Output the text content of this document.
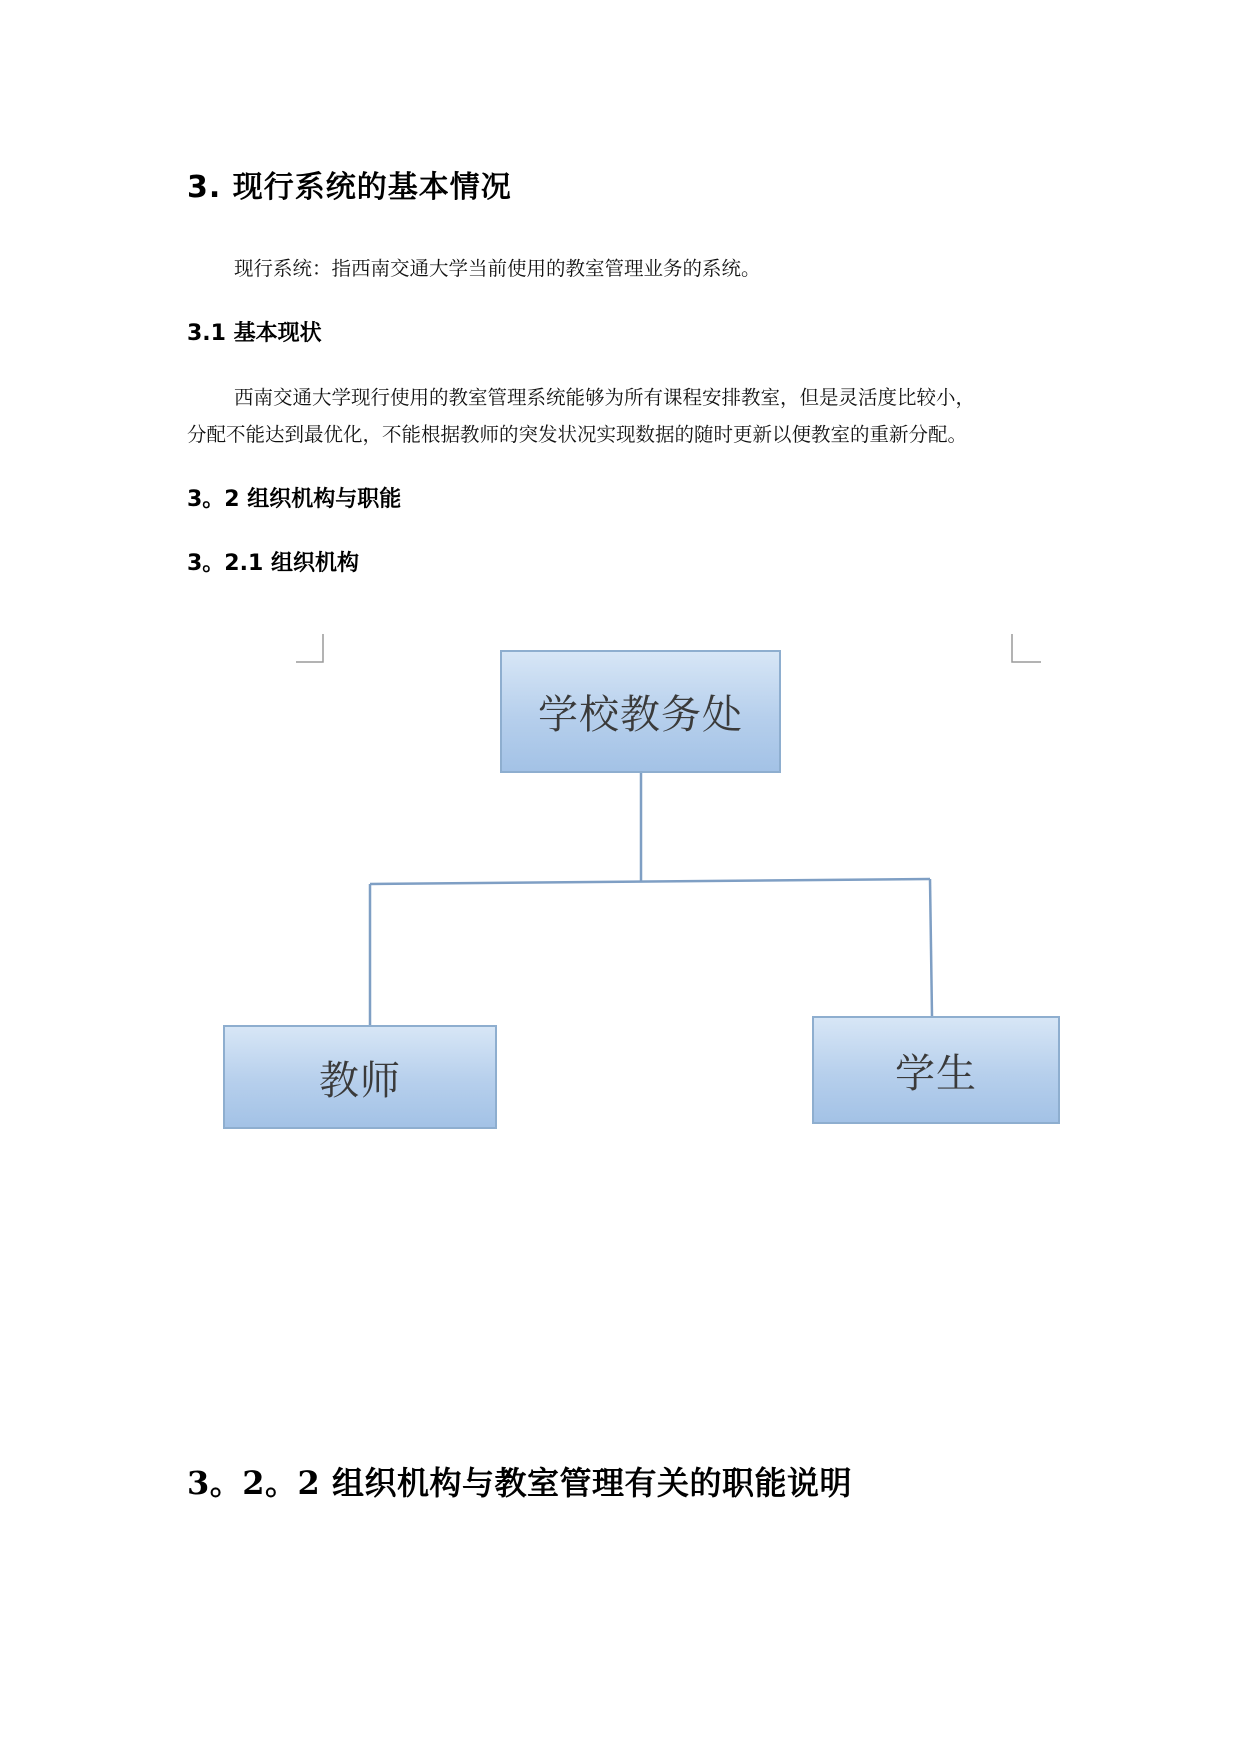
3. 现行系统的基本情况
现行系统：指西南交通大学当前使用的教室管理业务的系统。
3.1 基本现状
西南交通大学现行使用的教室管理系统能够为所有课程安排教室，但是灵活度比较小，
分配不能达到最优化，不能根据教师的突发状况实现数据的随时更新以便教室的重新分配。
3。2 组织机构与职能
3。2.1 组织机构
学校教务处
教师	学生
3。2。2 组织机构与教室管理有关的职能说明
